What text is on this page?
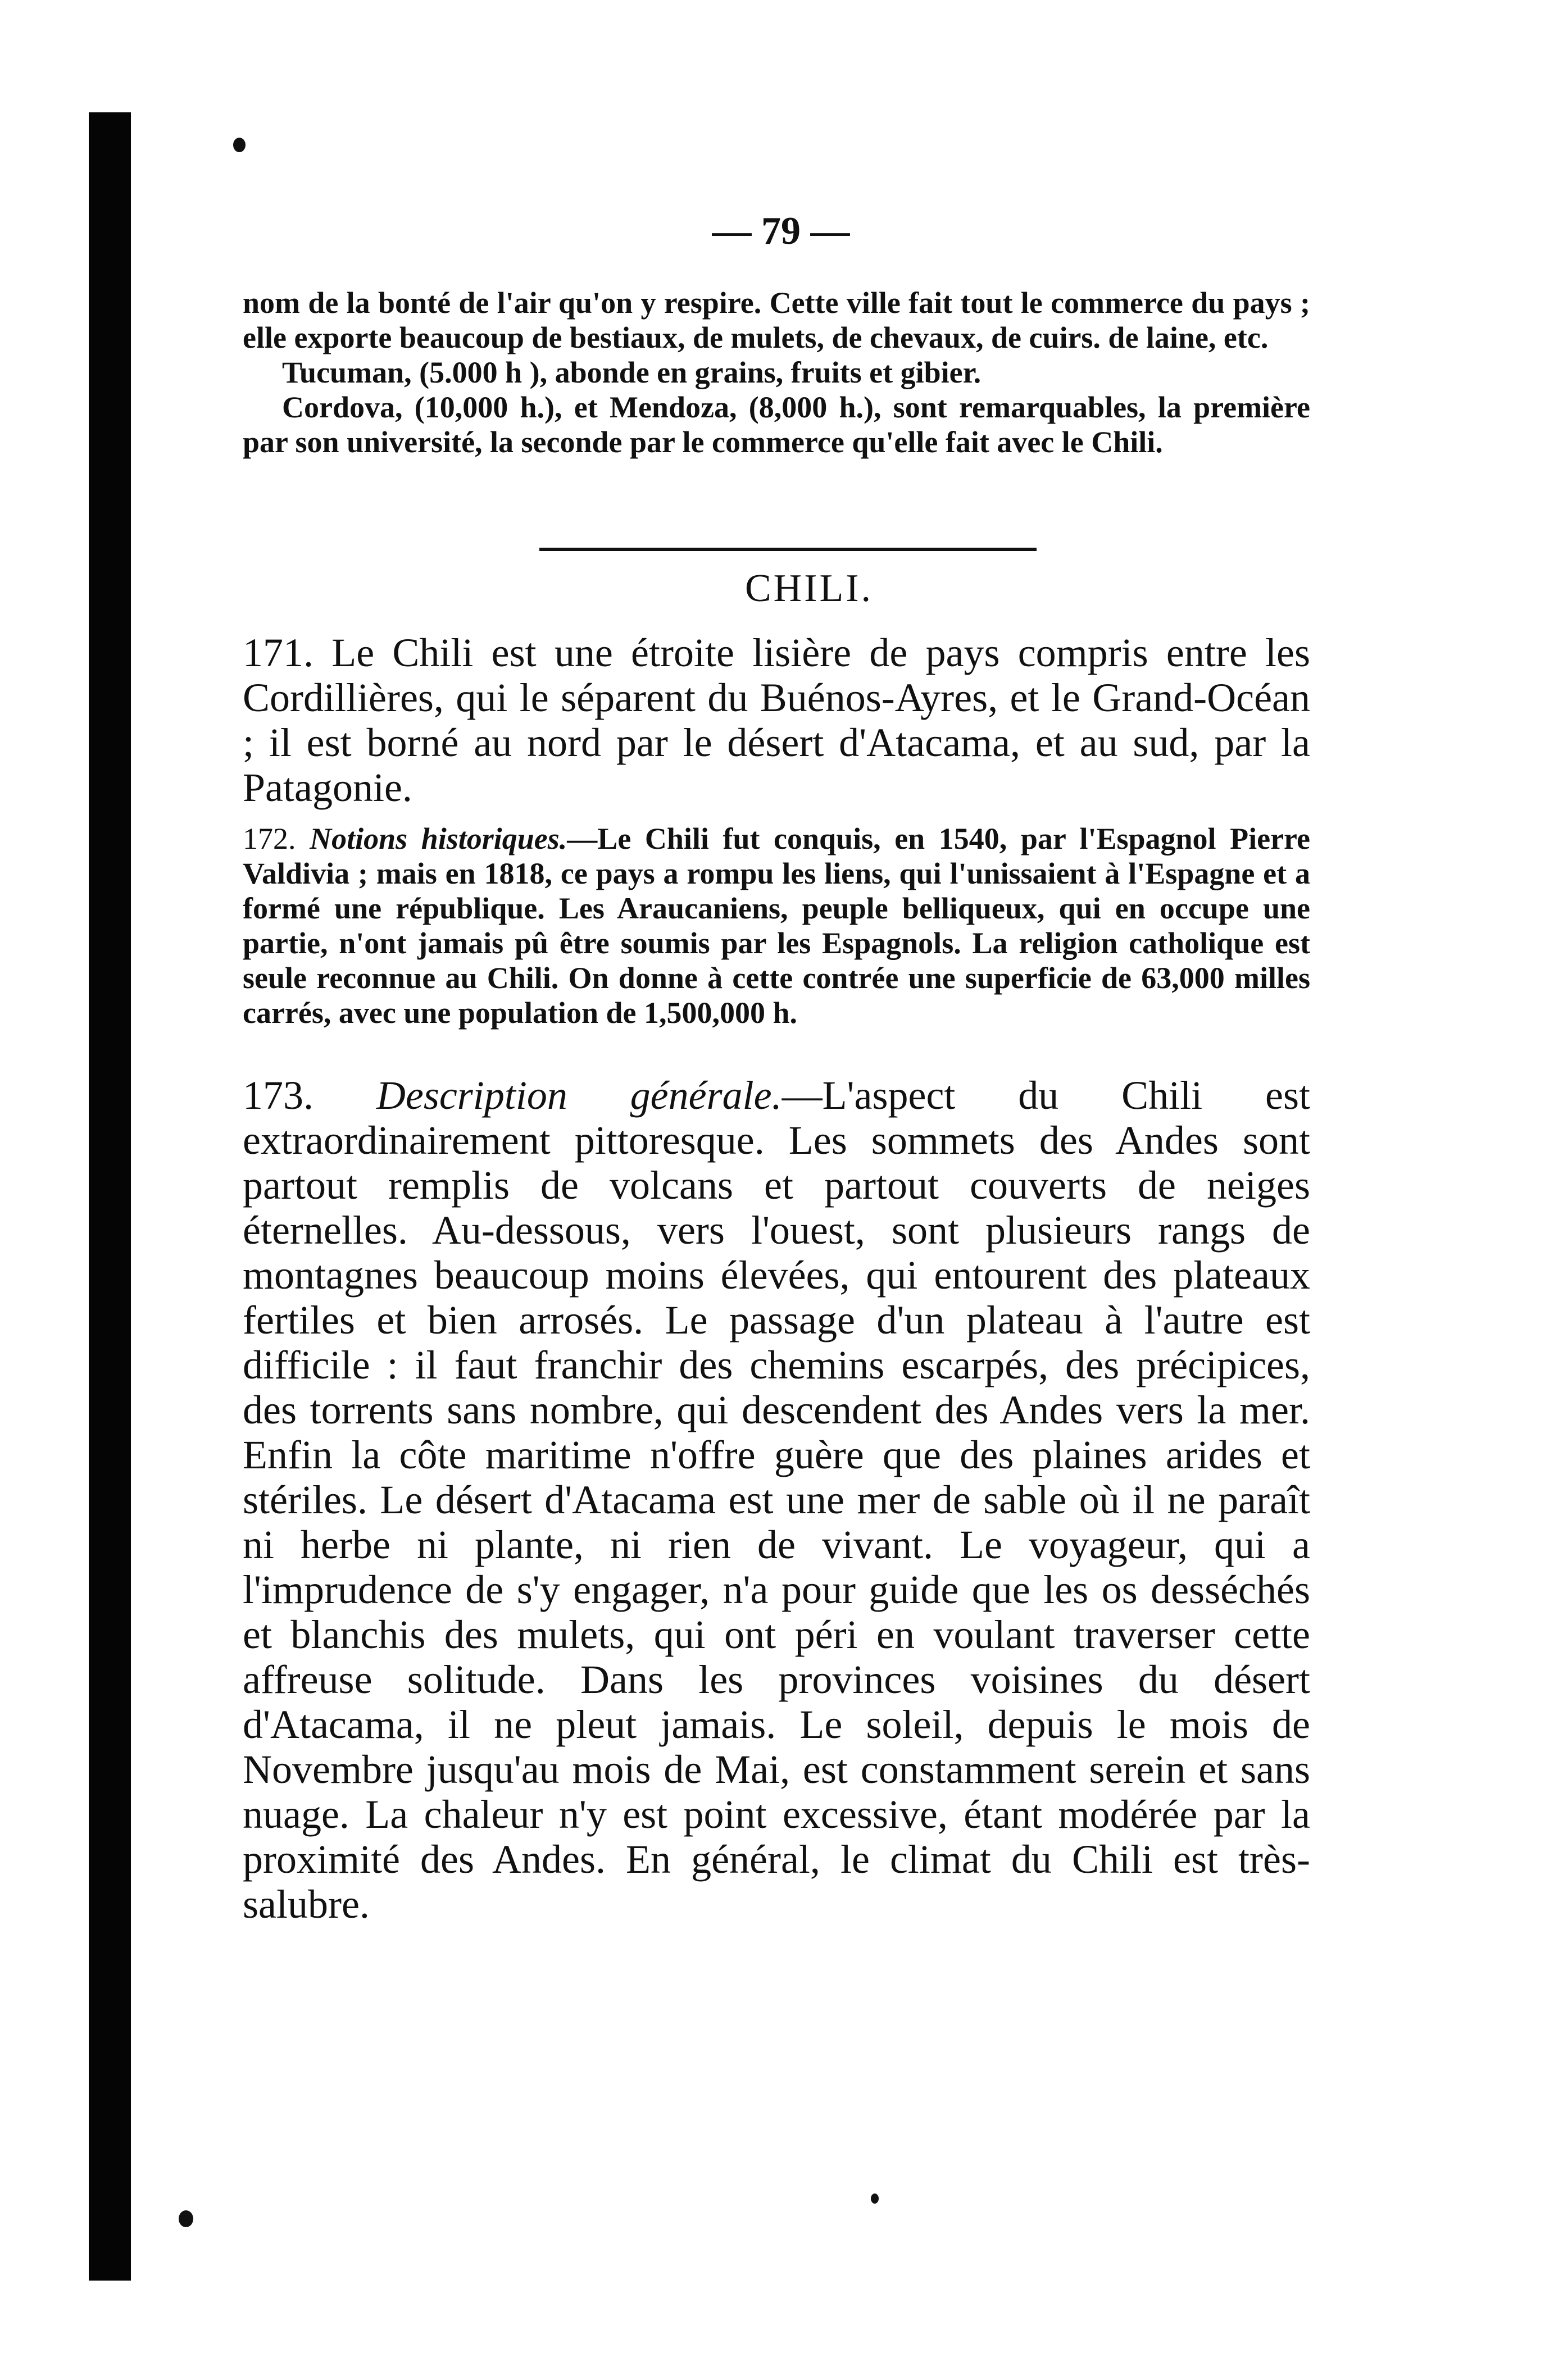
— 79 —

nom de la bonté de l'air qu'on y respire. Cette ville fait tout le commerce du pays ; elle exporte beaucoup de bestiaux, de mulets, de chevaux, de cuirs. de laine, etc.

Tucuman, (5.000 h ), abonde en grains, fruits et gibier.

Cordova, (10,000 h.), et Mendoza, (8,000 h.), sont remarquables, la première par son université, la seconde par le commerce qu'elle fait avec le Chili.

CHILI.
171. Le Chili est une étroite lisière de pays compris entre les Cordillières, qui le séparent du Buénos-Ayres, et le Grand-Océan ; il est borné au nord par le désert d'Atacama, et au sud, par la Patagonie.
172. Notions historiques.—Le Chili fut conquis, en 1540, par l'Espagnol Pierre Valdivia ; mais en 1818, ce pays a rompu les liens, qui l'unissaient à l'Espagne et a formé une république. Les Araucaniens, peuple belliqueux, qui en occupe une partie, n'ont jamais pû être soumis par les Espagnols. La religion catholique est seule reconnue au Chili. On donne à cette contrée une superficie de 63,000 milles carrés, avec une population de 1,500,000 h.
173. Description générale.—L'aspect du Chili est extraordinairement pittoresque. Les sommets des Andes sont partout remplis de volcans et partout couverts de neiges éternelles. Au-dessous, vers l'ouest, sont plusieurs rangs de montagnes beaucoup moins élevées, qui entourent des plateaux fertiles et bien arrosés. Le passage d'un plateau à l'autre est difficile : il faut franchir des chemins escarpés, des précipices, des torrents sans nombre, qui descendent des Andes vers la mer. Enfin la côte maritime n'offre guère que des plaines arides et stériles. Le désert d'Atacama est une mer de sable où il ne paraît ni herbe ni plante, ni rien de vivant. Le voyageur, qui a l'imprudence de s'y engager, n'a pour guide que les os desséchés et blanchis des mulets, qui ont péri en voulant traverser cette affreuse solitude. Dans les provinces voisines du désert d'Atacama, il ne pleut jamais. Le soleil, depuis le mois de Novembre jusqu'au mois de Mai, est constamment serein et sans nuage. La chaleur n'y est point excessive, étant modérée par la proximité des Andes. En général, le climat du Chili est très-salubre.
